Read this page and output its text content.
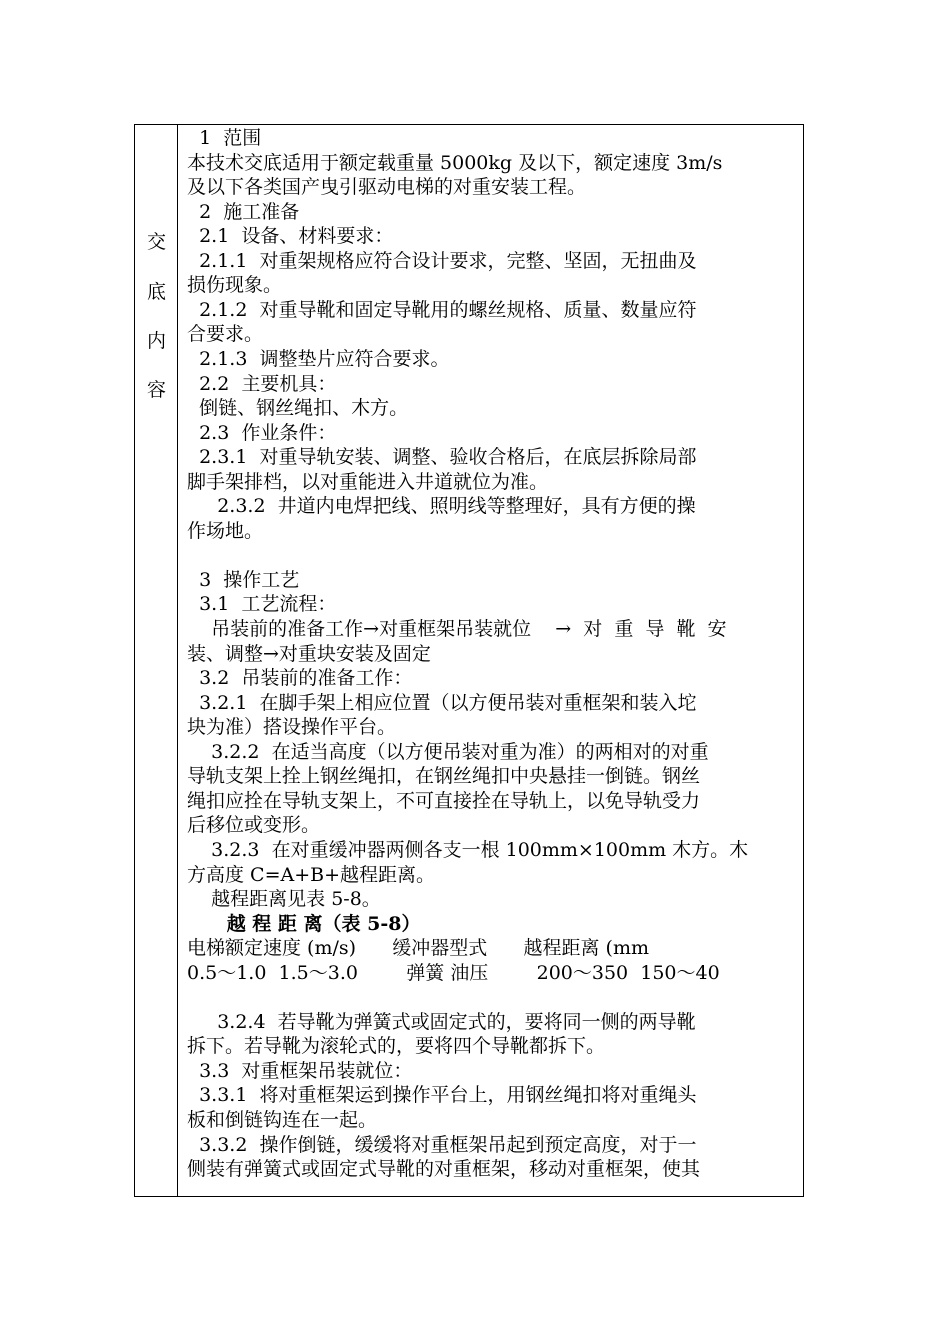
交
底
内
容
1  范围
本技术交底适用于额定载重量 5000kg 及以下，额定速度 3m/s
及以下各类国产曳引驱动电梯的对重安装工程。
2  施工准备
2.1  设备、材料要求：
2.1.1  对重架规格应符合设计要求，完整、坚固，无扭曲及
损伤现象。
2.1.2  对重导靴和固定导靴用的螺丝规格、质量、数量应符
合要求。
2.1.3  调整垫片应符合要求。
2.2  主要机具：
倒链、钢丝绳扣、木方。
2.3  作业条件：
2.3.1  对重导轨安装、调整、验收合格后，在底层拆除局部
脚手架排档，以对重能进入井道就位为准。
2.3.2  井道内电焊把线、照明线等整理好，具有方便的操
作场地。
3  操作工艺
3.1  工艺流程：
吊装前的准备工作→对重框架吊装就位    →  对  重  导  靴  安
装、调整→对重块安装及固定
3.2  吊装前的准备工作：
3.2.1  在脚手架上相应位置（以方便吊装对重框架和装入坨
块为准）搭设操作平台。
3.2.2  在适当高度（以方便吊装对重为准）的两相对的对重
导轨支架上拴上钢丝绳扣，在钢丝绳扣中央悬挂一倒链。钢丝
绳扣应拴在导轨支架上，不可直接拴在导轨上，以免导轨受力
后移位或变形。
3.2.3  在对重缓冲器两侧各支一根 100mm×100mm 木方。木
方高度 C=A+B+越程距离。
越程距离见表 5-8。
越 程 距 离（表 5-8）
电梯额定速度 (m/s)      缓冲器型式      越程距离 (mm
0.5～1.0  1.5～3.0        弹簧 油压        200～350  150～40
3.2.4  若导靴为弹簧式或固定式的，要将同一侧的两导靴
拆下。若导靴为滚轮式的，要将四个导靴都拆下。
3.3  对重框架吊装就位：
3.3.1  将对重框架运到操作平台上，用钢丝绳扣将对重绳头
板和倒链钩连在一起。
3.3.2  操作倒链，缓缓将对重框架吊起到预定高度，对于一
侧装有弹簧式或固定式导靴的对重框架，移动对重框架，使其
